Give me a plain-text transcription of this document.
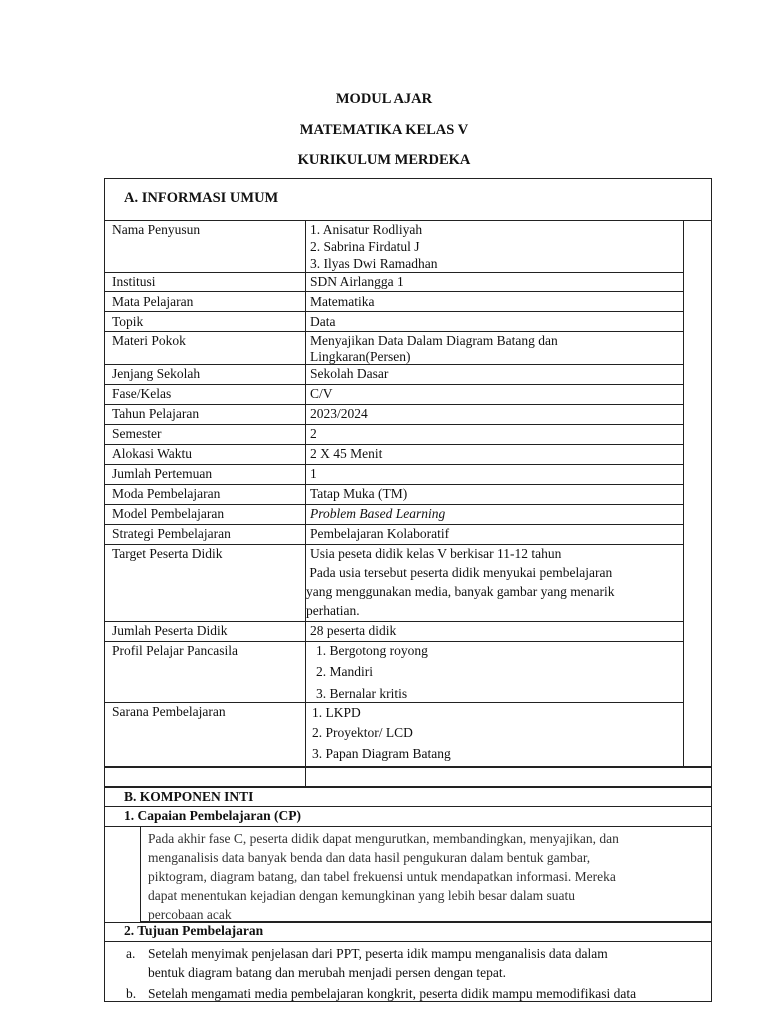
MODUL AJAR
MATEMATIKA KELAS V
KURIKULUM MERDEKA
A. INFORMASI UMUM
Nama Penyusun	1. Anisatur Rodliyah
2. Sabrina Firdatul J
3. Ilyas Dwi Ramadhan
Institusi	SDN Airlangga 1
Mata Pelajaran	Matematika
Topik	Data
Materi Pokok	Menyajikan Data Dalam Diagram Batang dan
Lingkaran(Persen)
Jenjang Sekolah	Sekolah Dasar
Fase/Kelas	C/V
Tahun Pelajaran	2023/2024
Semester	2
Alokasi Waktu	2 X 45 Menit
Jumlah Pertemuan	1
Moda Pembelajaran	Tatap Muka (TM)
Model Pembelajaran	Problem Based Learning
Strategi Pembelajaran	Pembelajaran Kolaboratif
Target Peserta Didik	Usia peseta didik kelas V berkisar 11-12 tahun
Pada usia tersebut peserta didik menyukai pembelajaran
yang menggunakan media, banyak gambar yang menarik
perhatian.
Jumlah Peserta Didik	28 peserta didik
Profil Pelajar Pancasila	1. Bergotong royong
2. Mandiri
3. Bernalar kritis
Sarana Pembelajaran	1. LKPD
2. Proyektor/ LCD
3. Papan Diagram Batang
B. KOMPONEN INTI
1. Capaian Pembelajaran (CP)
Pada akhir fase C, peserta didik dapat mengurutkan, membandingkan, menyajikan, dan
menganalisis data banyak benda dan data hasil pengukuran dalam bentuk gambar,
piktogram, diagram batang, dan tabel frekuensi untuk mendapatkan informasi. Mereka
dapat menentukan kejadian dengan kemungkinan yang lebih besar dalam suatu
percobaan acak
2. Tujuan Pembelajaran
a. Setelah menyimak penjelasan dari PPT, peserta idik mampu menganalisis data dalam
bentuk diagram batang dan merubah menjadi persen dengan tepat.
b. Setelah mengamati media pembelajaran kongkrit, peserta didik mampu memodifikasi data
